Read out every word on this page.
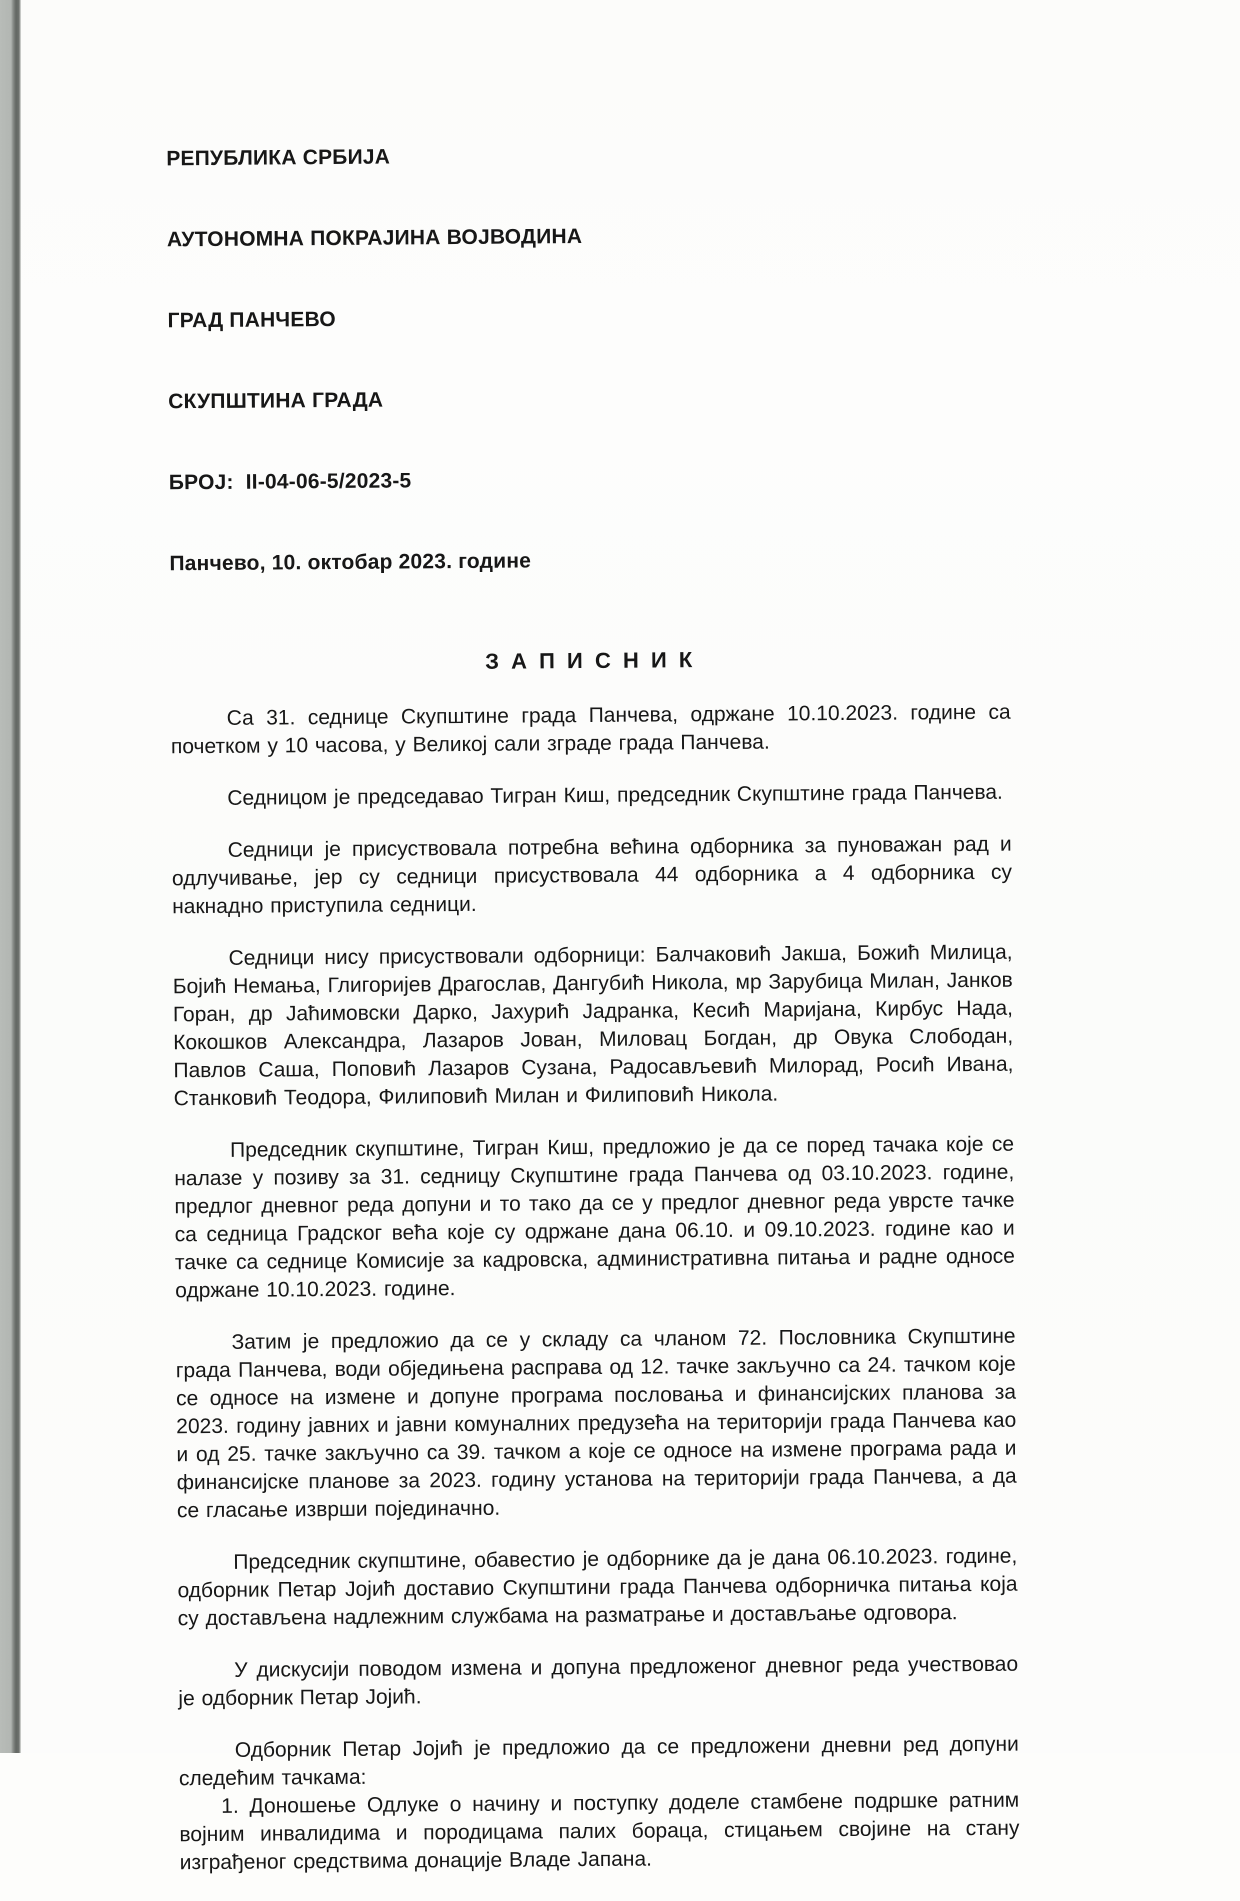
РЕПУБЛИКА СРБИЈА

АУТОНОМНА ПОКРАЈИНА ВОЈВОДИНА

ГРАД ПАНЧЕВО

СКУПШТИНА ГРАДА

БРОЈ:  II-04-06-5/2023-5

Панчево, 10. октобар 2023. године

З А П И С Н И К

Са 31. седнице Скупштине града Панчева, одржане 10.10.2023. године са почетком у 10 часова, у Великој сали зграде града Панчева.

Седницом је председавао Тигран Киш, председник Скупштине града Панчева.

Седници је присуствовала потребна већина одборника за пуноважан рад и одлучивање, јер су седници присуствовала 44 одборника а 4 одборника су накнадно приступила седници.

Седници нису присуствовали одборници: Балчаковић Јакша, Божић Милица, Бојић Немања, Глигоријев Драгослав, Дангубић Никола, мр Зарубица Милан, Јанков Горан, др Јаћимовски Дарко, Јахурић Јадранка, Кесић Маријана, Кирбус Нада, Кокошков Александра, Лазаров Јован, Миловац Богдан, др Овука Слободан, Павлов Саша, Поповић Лазаров Сузана, Радосављевић Милорад, Росић Ивана, Станковић Теодора, Филиповић Милан и Филиповић Никола.

Председник скупштине, Тигран Киш, предложио је да се поред тачака које се налазе у позиву за 31. седницу Скупштине града Панчева од 03.10.2023. године, предлог дневног реда допуни и то тако да се у предлог дневног реда уврсте тачке са седница Градског већа које су одржане дана 06.10. и 09.10.2023. године као и тачке са седнице Комисије за кадровска, административна питања и радне односе одржане 10.10.2023. године.

Затим је предложио да се у складу са чланом 72. Пословника Скупштине града Панчева, води обједињена расправа од 12. тачке закључно са 24. тачком које се односе на измене и допуне програма пословања и финансијских планова за 2023. годину јавних и јавни комуналних предузећа на територији града Панчева као и од 25. тачке закључно са 39. тачком а које се односе на измене програма рада и финансијске планове за 2023. годину установа на територији града Панчева, а да се гласање изврши појединачно.

Председник скупштине, обавестио је одборнике да је дана 06.10.2023. године, одборник Петар Јојић доставио Скупштини града Панчева одборничка питања која су достављена надлежним службама на разматрање и достављање одговора.

У дискусији поводом измена и допуна предложеног дневног реда учествовао је одборник Петар Јојић.

Одборник Петар Јојић је предложио да се предложени дневни ред допуни следећим тачкама:

1. Доношење Одлуке о начину и поступку доделе стамбене подршке ратним војним инвалидима и породицама палих бораца, стицањем својине на стану изграђеног средствима донације Владе Јапана.
